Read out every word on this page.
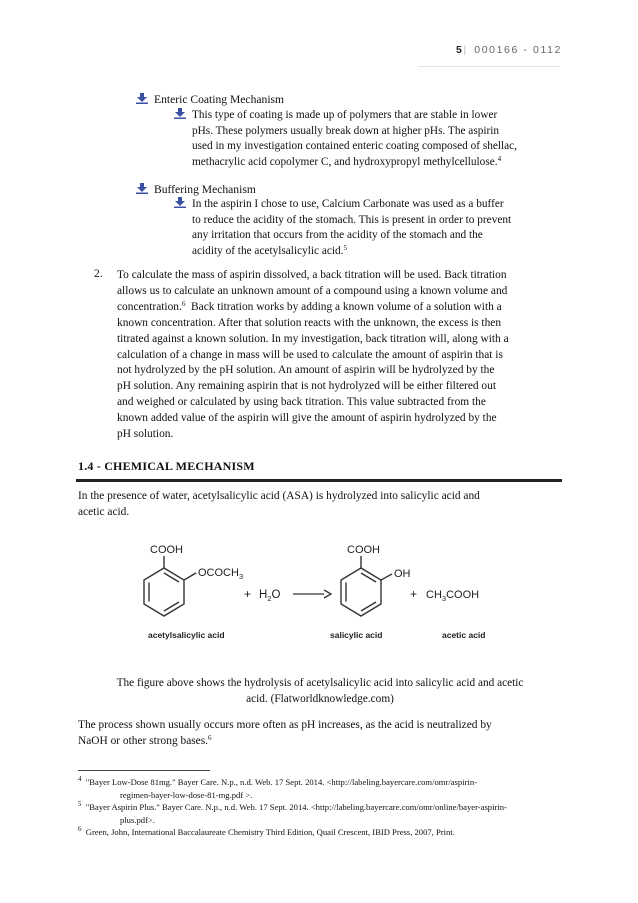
5| 000166 - 0112
Enteric Coating Mechanism
This type of coating is made up of polymers that are stable in lower
pHs. These polymers usually break down at higher pHs. The aspirin
used in my investigation contained enteric coating composed of shellac,
methacrylic acid copolymer C, and hydroxypropyl methylcellulose.$^4$
Buffering Mechanism
In the aspirin I chose to use, Calcium Carbonate was used as a buffer
to reduce the acidity of the stomach. This is present in order to prevent
any irritation that occurs from the acidity of the stomach and the
acidity of the acetylsalicylic acid.$^5$
2. To calculate the mass of aspirin dissolved, a back titration will be used. Back titration
allows us to calculate an unknown amount of a compound using a known volume and
concentration.$^6$ Back titration works by adding a known volume of a solution with a
known concentration. After that solution reacts with the unknown, the excess is then
titrated against a known solution. In my investigation, back titration will, along with a
calculation of a change in mass will be used to calculate the amount of aspirin that is
not hydrolyzed by the pH solution. An amount of aspirin will be hydrolyzed by the
pH solution. Any remaining aspirin that is not hydrolyzed will be either filtered out
and weighed or calculated by using back titration. This value subtracted from the
known added value of the aspirin will give the amount of aspirin hydrolyzed by the
pH solution.
1.4 - CHEMICAL MECHANISM
In the presence of water, acetylsalicylic acid (ASA) is hydrolyzed into salicylic acid and
acetic acid.
COOH
$OCOCH_3$
+ $H_2O$
COOH
OH
+ $CH_3COOH$
acetylsalicylic acid	salicylic acid	acetic acid
The figure above shows the hydrolysis of acetylsalicylic acid into salicylic acid and acetic
acid. (Flatworldknowledge.com)
The process shown usually occurs more often as pH increases, as the acid is neutralized by
NaOH or other strong bases.$^6$
$^4$ "Bayer Low-Dose 81mg." Bayer Care. N.p., n.d. Web. 17 Sept. 2014. <http://labeling.bayercare.com/omr/aspirin-
regimen-bayer-low-dose-81-mg.pdf >.
$^5$ "Bayer Aspirin Plus." Bayer Care. N.p., n.d. Web. 17 Sept. 2014. <http://labeling.bayercare.com/omr/online/bayer-aspirin-
plus.pdf>.
$^6$ Green, John, International Baccalaureate Chemistry Third Edition, Quail Crescent, IBID Press, 2007, Print.
